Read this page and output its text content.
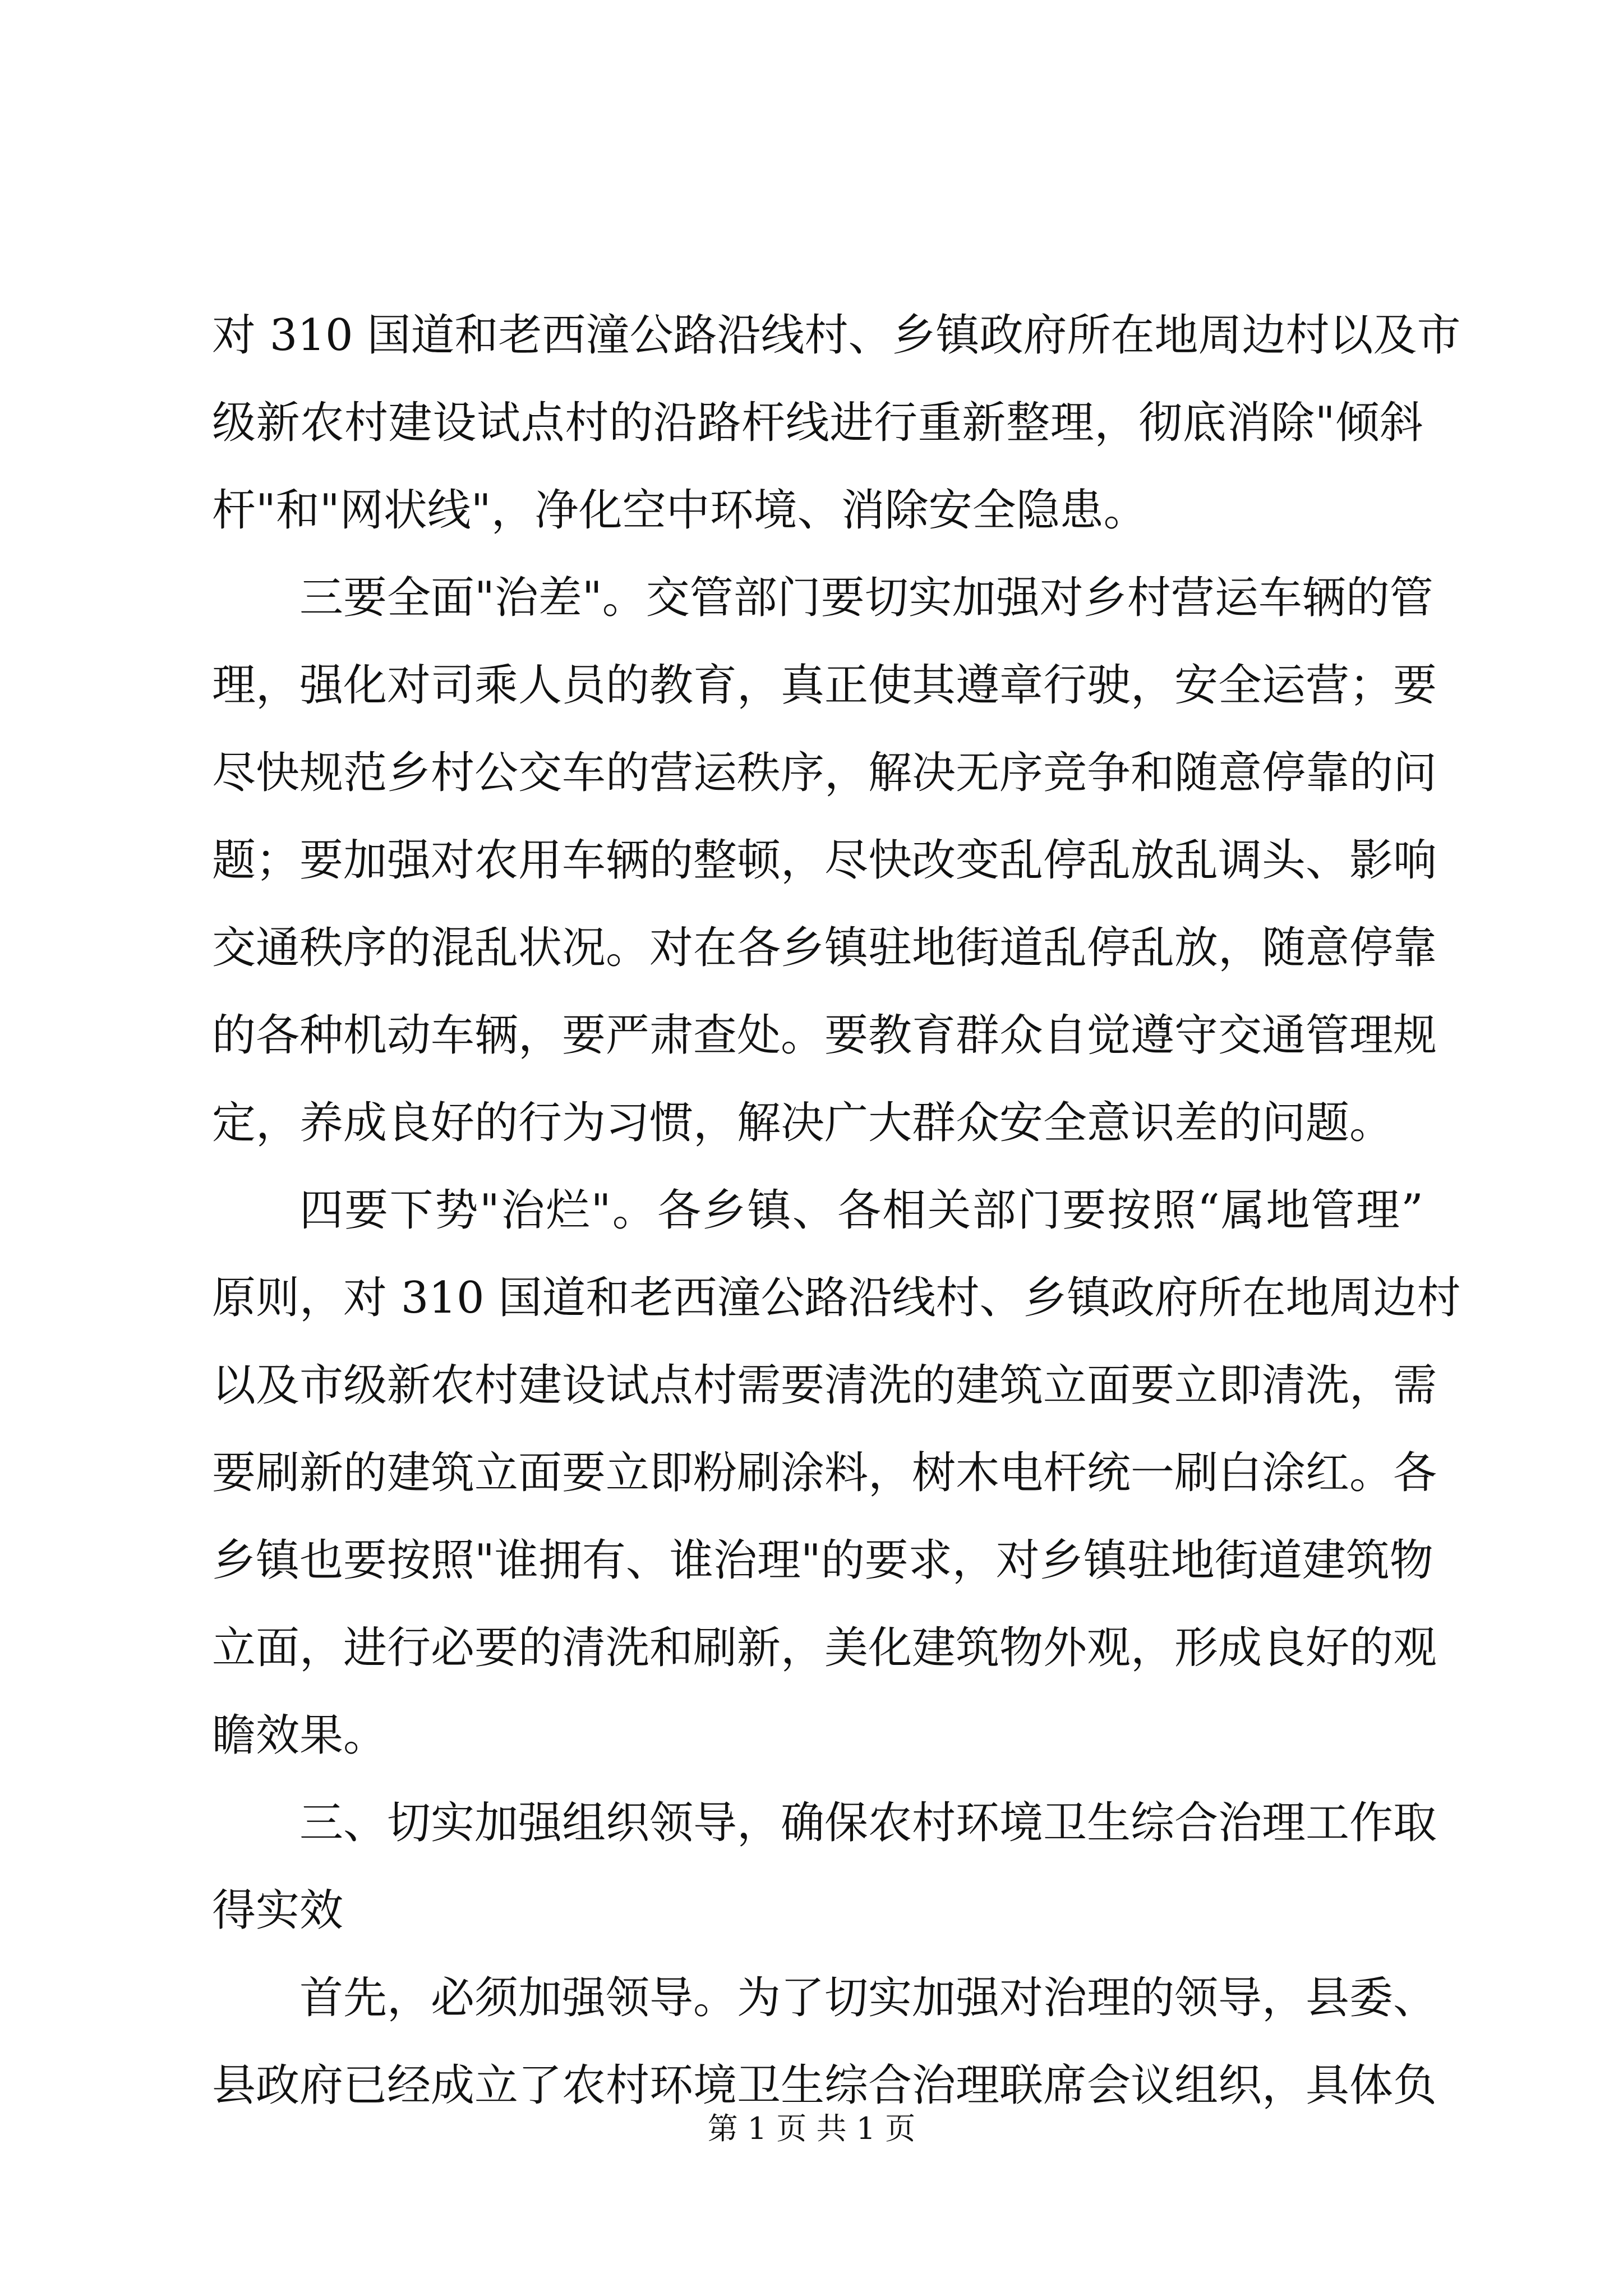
对 310 国道和老西潼公路沿线村、乡镇政府所在地周边村以及市
级新农村建设试点村的沿路杆线进行重新整理，彻底消除"倾斜
杆"和"网状线"，净化空中环境、消除安全隐患。
三要全面"治差"。交管部门要切实加强对乡村营运车辆的管
理，强化对司乘人员的教育，真正使其遵章行驶，安全运营；要
尽快规范乡村公交车的营运秩序，解决无序竞争和随意停靠的问
题；要加强对农用车辆的整顿，尽快改变乱停乱放乱调头、影响
交通秩序的混乱状况。对在各乡镇驻地街道乱停乱放，随意停靠
的各种机动车辆，要严肃查处。要教育群众自觉遵守交通管理规
定，养成良好的行为习惯，解决广大群众安全意识差的问题。
四要下势"治烂"。各乡镇、各相关部门要按照“属地管理”
原则，对 310 国道和老西潼公路沿线村、乡镇政府所在地周边村
以及市级新农村建设试点村需要清洗的建筑立面要立即清洗，需
要刷新的建筑立面要立即粉刷涂料，树木电杆统一刷白涂红。各
乡镇也要按照"谁拥有、谁治理"的要求，对乡镇驻地街道建筑物
立面，进行必要的清洗和刷新，美化建筑物外观，形成良好的观
瞻效果。
三、切实加强组织领导，确保农村环境卫生综合治理工作取
得实效
首先，必须加强领导。为了切实加强对治理的领导，县委、
县政府已经成立了农村环境卫生综合治理联席会议组织，具体负
第 1 页 共 1 页
